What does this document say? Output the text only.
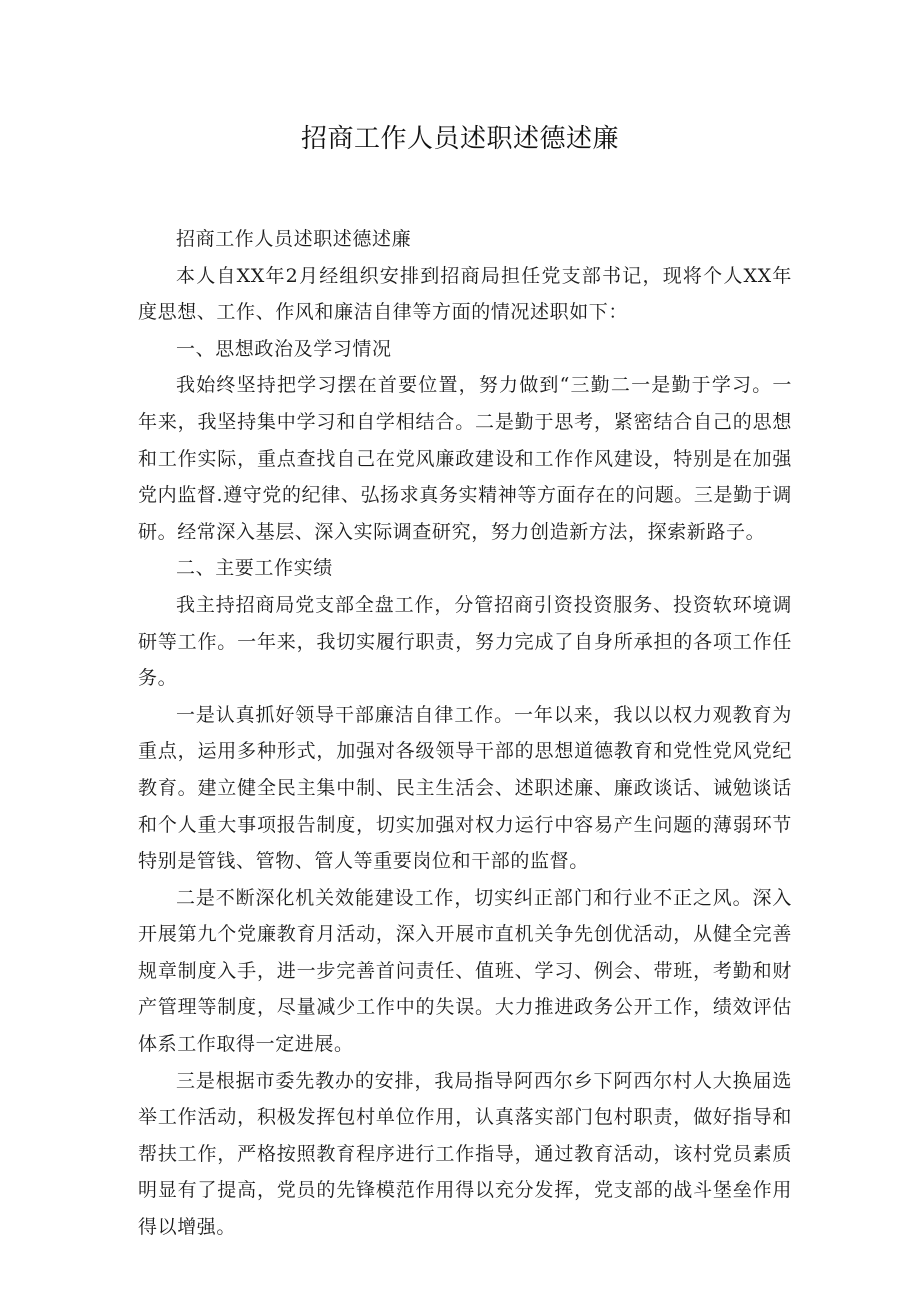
招商工作人员述职述德述廉

招商工作人员述职述德述廉

本人自XX年2月经组织安排到招商局担任党支部书记，现将个人XX年度思想、工作、作风和廉洁自律等方面的情况述职如下：

一、思想政治及学习情况

我始终坚持把学习摆在首要位置，努力做到“三勤二一是勤于学习。一年来，我坚持集中学习和自学相结合。二是勤于思考，紧密结合自己的思想和工作实际，重点查找自己在党风廉政建设和工作作风建设，特别是在加强党内监督.遵守党的纪律、弘扬求真务实精神等方面存在的问题。三是勤于调研。经常深入基层、深入实际调查研究，努力创造新方法，探索新路子。

二、主要工作实绩

我主持招商局党支部全盘工作，分管招商引资投资服务、投资软环境调研等工作。一年来，我切实履行职责，努力完成了自身所承担的各项工作任务。

一是认真抓好领导干部廉洁自律工作。一年以来，我以以权力观教育为重点，运用多种形式，加强对各级领导干部的思想道德教育和党性党风党纪教育。建立健全民主集中制、民主生活会、述职述廉、廉政谈话、诫勉谈话和个人重大事项报告制度，切实加强对权力运行中容易产生问题的薄弱环节特别是管钱、管物、管人等重要岗位和干部的监督。

二是不断深化机关效能建设工作，切实纠正部门和行业不正之风。深入开展第九个党廉教育月活动，深入开展市直机关争先创优活动，从健全完善规章制度入手，进一步完善首问责任、值班、学习、例会、带班，考勤和财产管理等制度，尽量减少工作中的失误。大力推进政务公开工作，绩效评估体系工作取得一定进展。

三是根据市委先教办的安排，我局指导阿西尔乡下阿西尔村人大换届选举工作活动，积极发挥包村单位作用，认真落实部门包村职责，做好指导和帮扶工作，严格按照教育程序进行工作指导，通过教育活动，该村党员素质明显有了提高，党员的先锋模范作用得以充分发挥，党支部的战斗堡垒作用得以增强。
